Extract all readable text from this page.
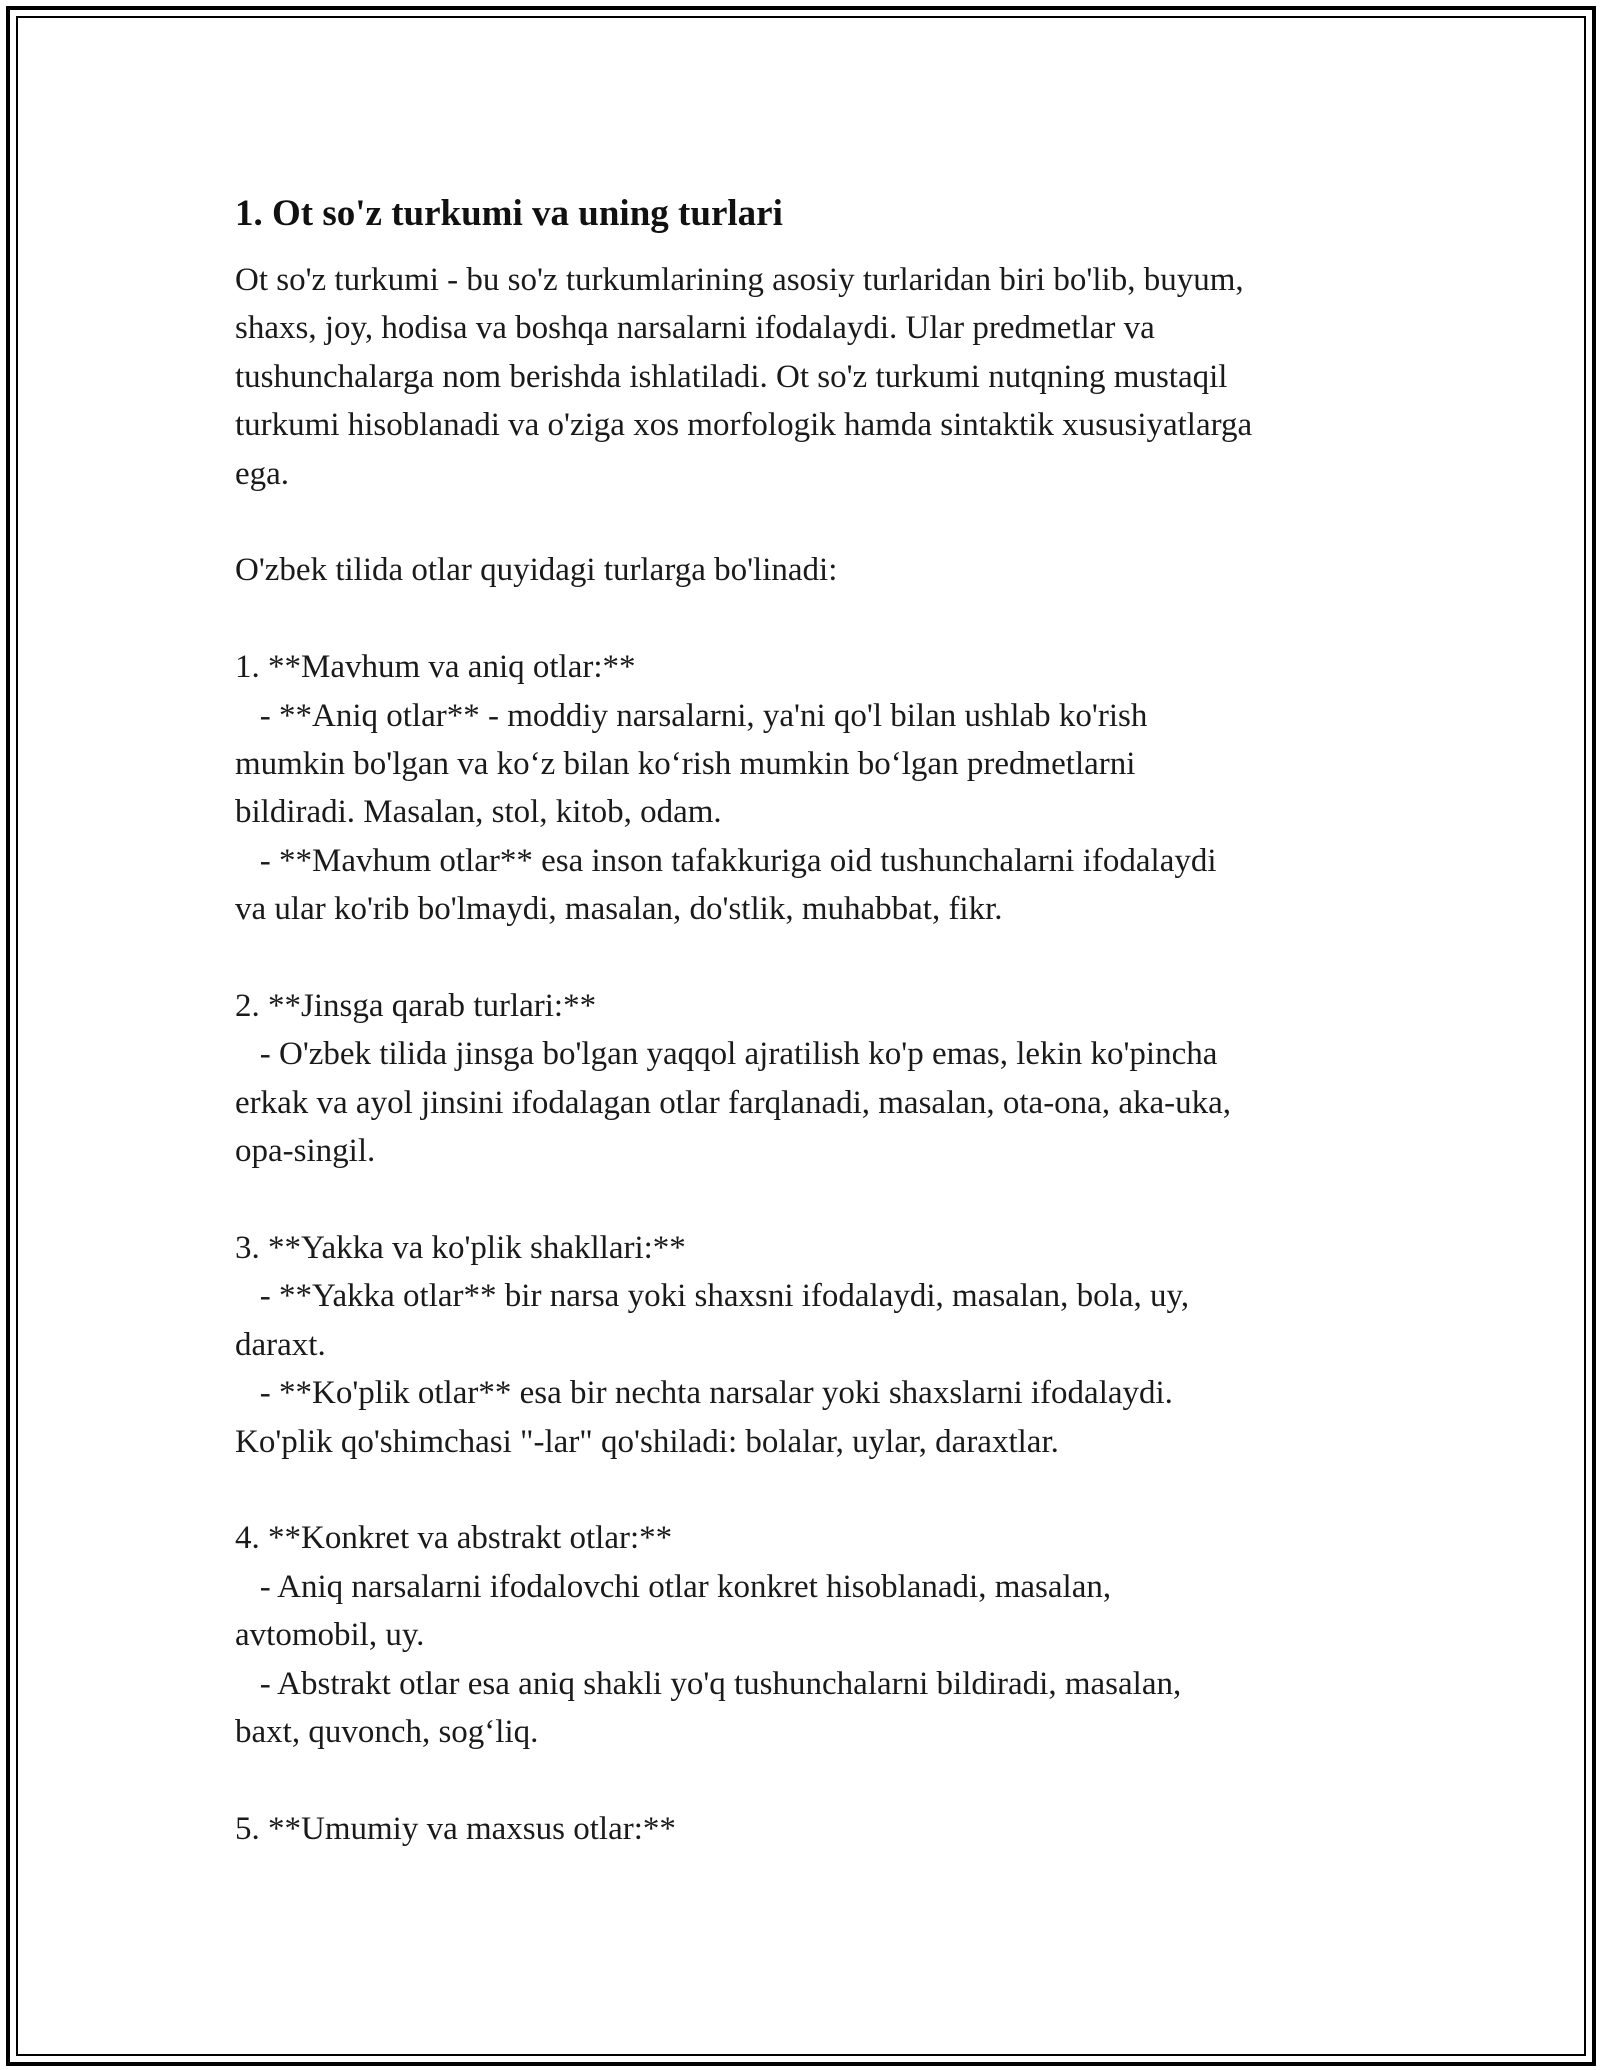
1. Ot so'z turkumi va uning turlari

Ot so'z turkumi - bu so'z turkumlarining asosiy turlaridan biri bo'lib, buyum,

shaxs, joy, hodisa va boshqa narsalarni ifodalaydi. Ular predmetlar va

tushunchalarga nom berishda ishlatiladi. Ot so'z turkumi nutqning mustaqil

turkumi hisoblanadi va o'ziga xos morfologik hamda sintaktik xususiyatlarga

ega.

O'zbek tilida otlar quyidagi turlarga bo'linadi:

1. **Mavhum va aniq otlar:**

- **Aniq otlar** - moddiy narsalarni, ya'ni qo'l bilan ushlab ko'rish

mumkin bo'lgan va ko‘z bilan ko‘rish mumkin bo‘lgan predmetlarni

bildiradi. Masalan, stol, kitob, odam.

- **Mavhum otlar** esa inson tafakkuriga oid tushunchalarni ifodalaydi

va ular ko'rib bo'lmaydi, masalan, do'stlik, muhabbat, fikr.

2. **Jinsga qarab turlari:**

- O'zbek tilida jinsga bo'lgan yaqqol ajratilish ko'p emas, lekin ko'pincha

erkak va ayol jinsini ifodalagan otlar farqlanadi, masalan, ota-ona, aka-uka,

opa-singil.

3. **Yakka va ko'plik shakllari:**

- **Yakka otlar** bir narsa yoki shaxsni ifodalaydi, masalan, bola, uy,

daraxt.

- **Ko'plik otlar** esa bir nechta narsalar yoki shaxslarni ifodalaydi.

Ko'plik qo'shimchasi "-lar" qo'shiladi: bolalar, uylar, daraxtlar.

4. **Konkret va abstrakt otlar:**

- Aniq narsalarni ifodalovchi otlar konkret hisoblanadi, masalan,

avtomobil, uy.

- Abstrakt otlar esa aniq shakli yo'q tushunchalarni bildiradi, masalan,

baxt, quvonch, sog‘liq.

5. **Umumiy va maxsus otlar:**
